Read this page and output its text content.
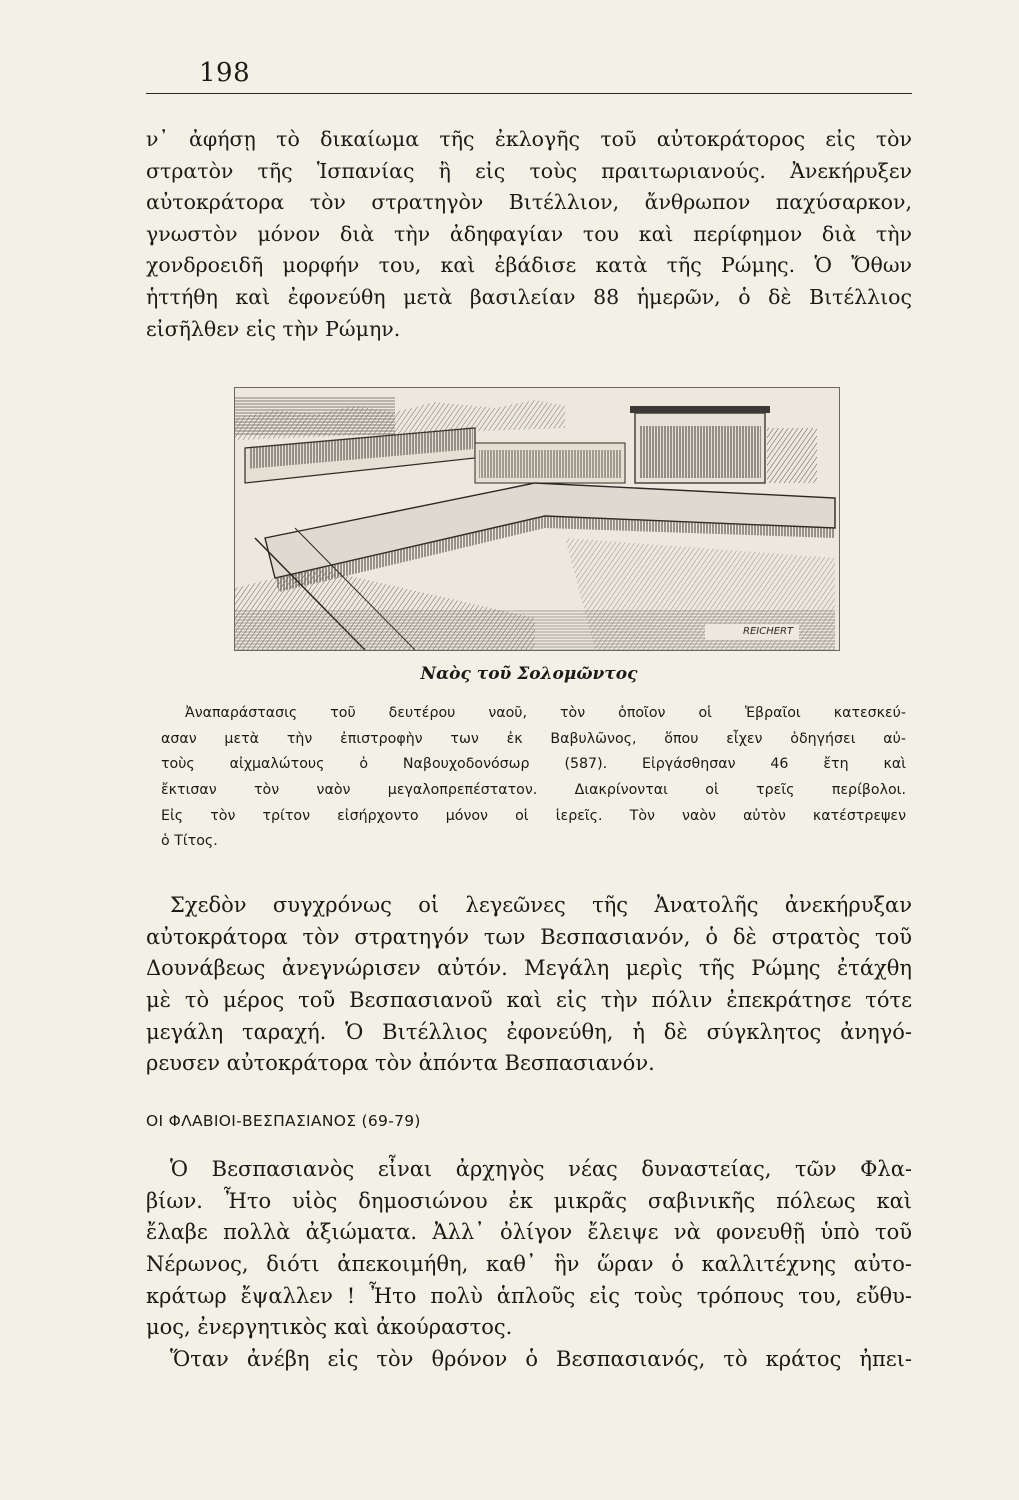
198
ν᾿ ἀφήσῃ τὸ δικαίωμα τῆς ἐκλογῆς τοῦ αὐτοκράτορος εἰς τὸν
στρατὸν τῆς Ἱσπανίας ἢ εἰς τοὺς πραιτωριανούς. Ἀνεκήρυξεν
αὐτοκράτορα τὸν στρατηγὸν Βιτέλλιον, ἄνθρωπον παχύσαρκον,
γνωστὸν μόνον διὰ τὴν ἀδηφαγίαν του καὶ περίφημον διὰ τὴν
χονδροειδῆ μορφήν του, καὶ ἐβάδισε κατὰ τῆς Ρώμης. Ὁ Ὄθων
ἡττήθη καὶ ἐφονεύθη μετὰ βασιλείαν 88 ἡμερῶν, ὁ δὲ Βιτέλλιος
εἰσῆλθεν εἰς τὴν Ρώμην.
REICHERT
Ναὸς τοῦ Σολομῶντος
Ἀναπαράστασις τοῦ δευτέρου ναοῦ, τὸν ὁποῖον οἱ Ἑβραῖοι κατεσκεύ-
ασαν μετὰ τὴν ἐπιστροφὴν των ἐκ Βαβυλῶνος, ὅπου εἶχεν ὁδηγήσει αὐ-
τοὺς αἰχμαλώτους ὁ Ναβουχοδονόσωρ (587). Εἰργάσθησαν 46 ἔτη καὶ
ἔκτισαν τὸν ναὸν μεγαλοπρεπέστατον. Διακρίνονται οἱ τρεῖς περίβολοι.
Εἰς τὸν τρίτον εἰσήρχοντο μόνον οἱ ἱερεῖς. Τὸν ναὸν αὐτὸν κατέστρεψεν
ὁ Τίτος.
Σχεδὸν συγχρόνως οἱ λεγεῶνες τῆς Ἀνατολῆς ἀνεκήρυξαν
αὐτοκράτορα τὸν στρατηγόν των Βεσπασιανόν, ὁ δὲ στρατὸς τοῦ
Δουνάβεως ἀνεγνώρισεν αὐτόν. Μεγάλη μερὶς τῆς Ρώμης ἐτάχθη
μὲ τὸ μέρος τοῦ Βεσπασιανοῦ καὶ εἰς τὴν πόλιν ἐπεκράτησε τότε
μεγάλη ταραχή. Ὁ Βιτέλλιος ἐφονεύθη, ἡ δὲ σύγκλητος ἀνηγό-
ρευσεν αὐτοκράτορα τὸν ἀπόντα Βεσπασιανόν.
ΟΙ ΦΛΑΒΙΟΙ-ΒΕΣΠΑΣΙΑΝΟΣ (69-79)
Ὁ Βεσπασιανὸς εἶναι ἀρχηγὸς νέας δυναστείας, τῶν Φλα-
βίων. Ἦτο υἱὸς δημοσιώνου ἐκ μικρᾶς σαβινικῆς πόλεως καὶ
ἔλαβε πολλὰ ἀξιώματα. Ἀλλ᾿ ὀλίγον ἔλειψε νὰ φονευθῇ ὑπὸ τοῦ
Νέρωνος, διότι ἀπεκοιμήθη, καθ᾿ ἣν ὥραν ὁ καλλιτέχνης αὐτο-
κράτωρ ἔψαλλεν ! Ἦτο πολὺ ἁπλοῦς εἰς τοὺς τρόπους του, εὔθυ-
μος, ἐνεργητικὸς καὶ ἀκούραστος.
Ὅταν ἀνέβη εἰς τὸν θρόνον ὁ Βεσπασιανός, τὸ κράτος ἠπει-
